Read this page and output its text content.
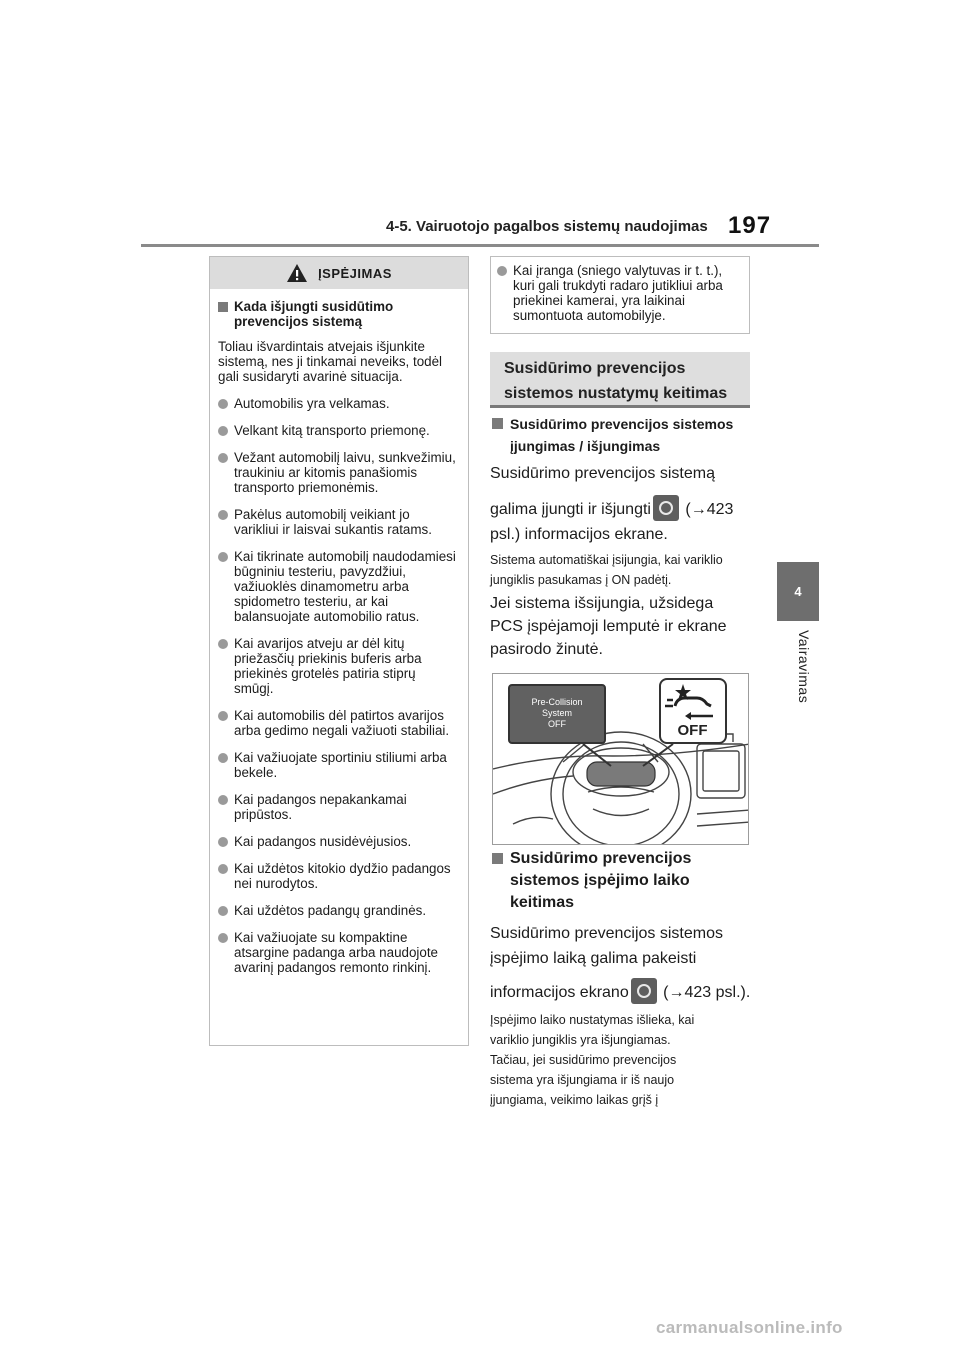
4-5. Vairuotojo pagalbos sistemų naudojimas 197
4
Vairavimas
ĮSPĖJIMAS
Kada išjungti susidūtimo prevencijos sistemą
Toliau išvardintais atvejais išjunkite sistemą, nes ji tinkamai neveiks, todėl gali susidaryti avarinė situacija.
Automobilis yra velkamas.
Velkant kitą transporto priemonę.
Vežant automobilį laivu, sunkvežimiu, traukiniu ar kitomis panašiomis transporto priemonėmis.
Pakėlus automobilį veikiant jo varikliui ir laisvai sukantis ratams.
Kai tikrinate automobilį naudodamiesi būgniniu testeriu, pavyzdžiui, važiuoklės dinamometru arba spidometro testeriu, ar kai balansuojate automobilio ratus.
Kai avarijos atveju ar dėl kitų priežasčių priekinis buferis arba priekinės grotelės patiria stiprų smūgį.
Kai automobilis dėl patirtos avarijos arba gedimo negali važiuoti stabiliai.
Kai važiuojate sportiniu stiliumi arba bekele.
Kai padangos nepakankamai pripūstos.
Kai padangos nusidėvėjusios.
Kai uždėtos kitokio dydžio padangos nei nurodytos.
Kai uždėtos padangų grandinės.
Kai važiuojate su kompaktine atsargine padanga arba naudojote avarinį padangos remonto rinkinį.
Kai įranga (sniego valytuvas ir t. t.), kuri gali trukdyti radaro jutikliui arba priekinei kamerai, yra laikinai sumontuota automobilyje.
Susidūrimo prevencijos
sistemos nustatymų keitimas
Susidūrimo prevencijos sistemos
įjungimas / išjungimas
Susidūrimo prevencijos sistemą
galima įjungti ir išjungti (→423
psl.) informacijos ekrane.
Sistema automatiškai įsijungia, kai variklio
jungiklis pasukamas į ON padėtį.
Jei sistema išsijungia, užsidega
PCS įspėjamoji lemputė ir ekrane
pasirodo žinutė.
Pre-Collision
System
OFF	OFF
Susidūrimo prevencijos
sistemos įspėjimo laiko
keitimas
Susidūrimo prevencijos sistemos
įspėjimo laiką galima pakeisti
informacijos ekrano (→423 psl.).
Įspėjimo laiko nustatymas išlieka, kai
variklio jungiklis yra išjungiamas.
Tačiau, jei susidūrimo prevencijos
sistema yra išjungiama ir iš naujo
įjungiama, veikimo laikas grįš į
carmanualsonline.info
